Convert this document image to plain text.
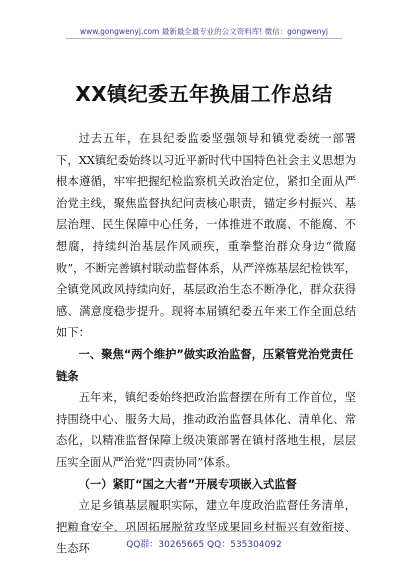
www.gongwenyj.com 最新最全最专业的公文资料库! 微信：gongwenyj
XX镇纪委五年换届工作总结

过去五年，在县纪委监委坚强领导和镇党委统一部署下，XX镇纪委始终以习近平新时代中国特色社会主义思想为根本遵循，牢牢把握纪检监察机关政治定位，紧扣全面从严治党主线，聚焦监督执纪问责核心职责，锚定乡村振兴、基层治理、民生保障中心任务，一体推进不敢腐、不能腐、不想腐，持续纠治基层作风顽疾，重拳整治群众身边“微腐败”，不断完善镇村联动监督体系，从严淬炼基层纪检铁军，全镇党风政风持续向好，基层政治生态不断净化，群众获得感、满意度稳步提升。现将本届镇纪委五年来工作全面总结如下：

一、聚焦“两个维护”做实政治监督，压紧管党治党责任链条

五年来，镇纪委始终把政治监督摆在所有工作首位，坚持围绕中心、服务大局，推动政治监督具体化、清单化、常态化，以精准监督保障上级决策部署在镇村落地生根，层层压实全面从严治党“四责协同”体系。

（一）紧盯“国之大者”开展专项嵌入式监督

立足乡镇基层履职实际，建立年度政治监督任务清单，把粮食安全、巩固拓展脱贫攻坚成果同乡村振兴有效衔接、生态环	QQ群：30265665 QQ：535304092
